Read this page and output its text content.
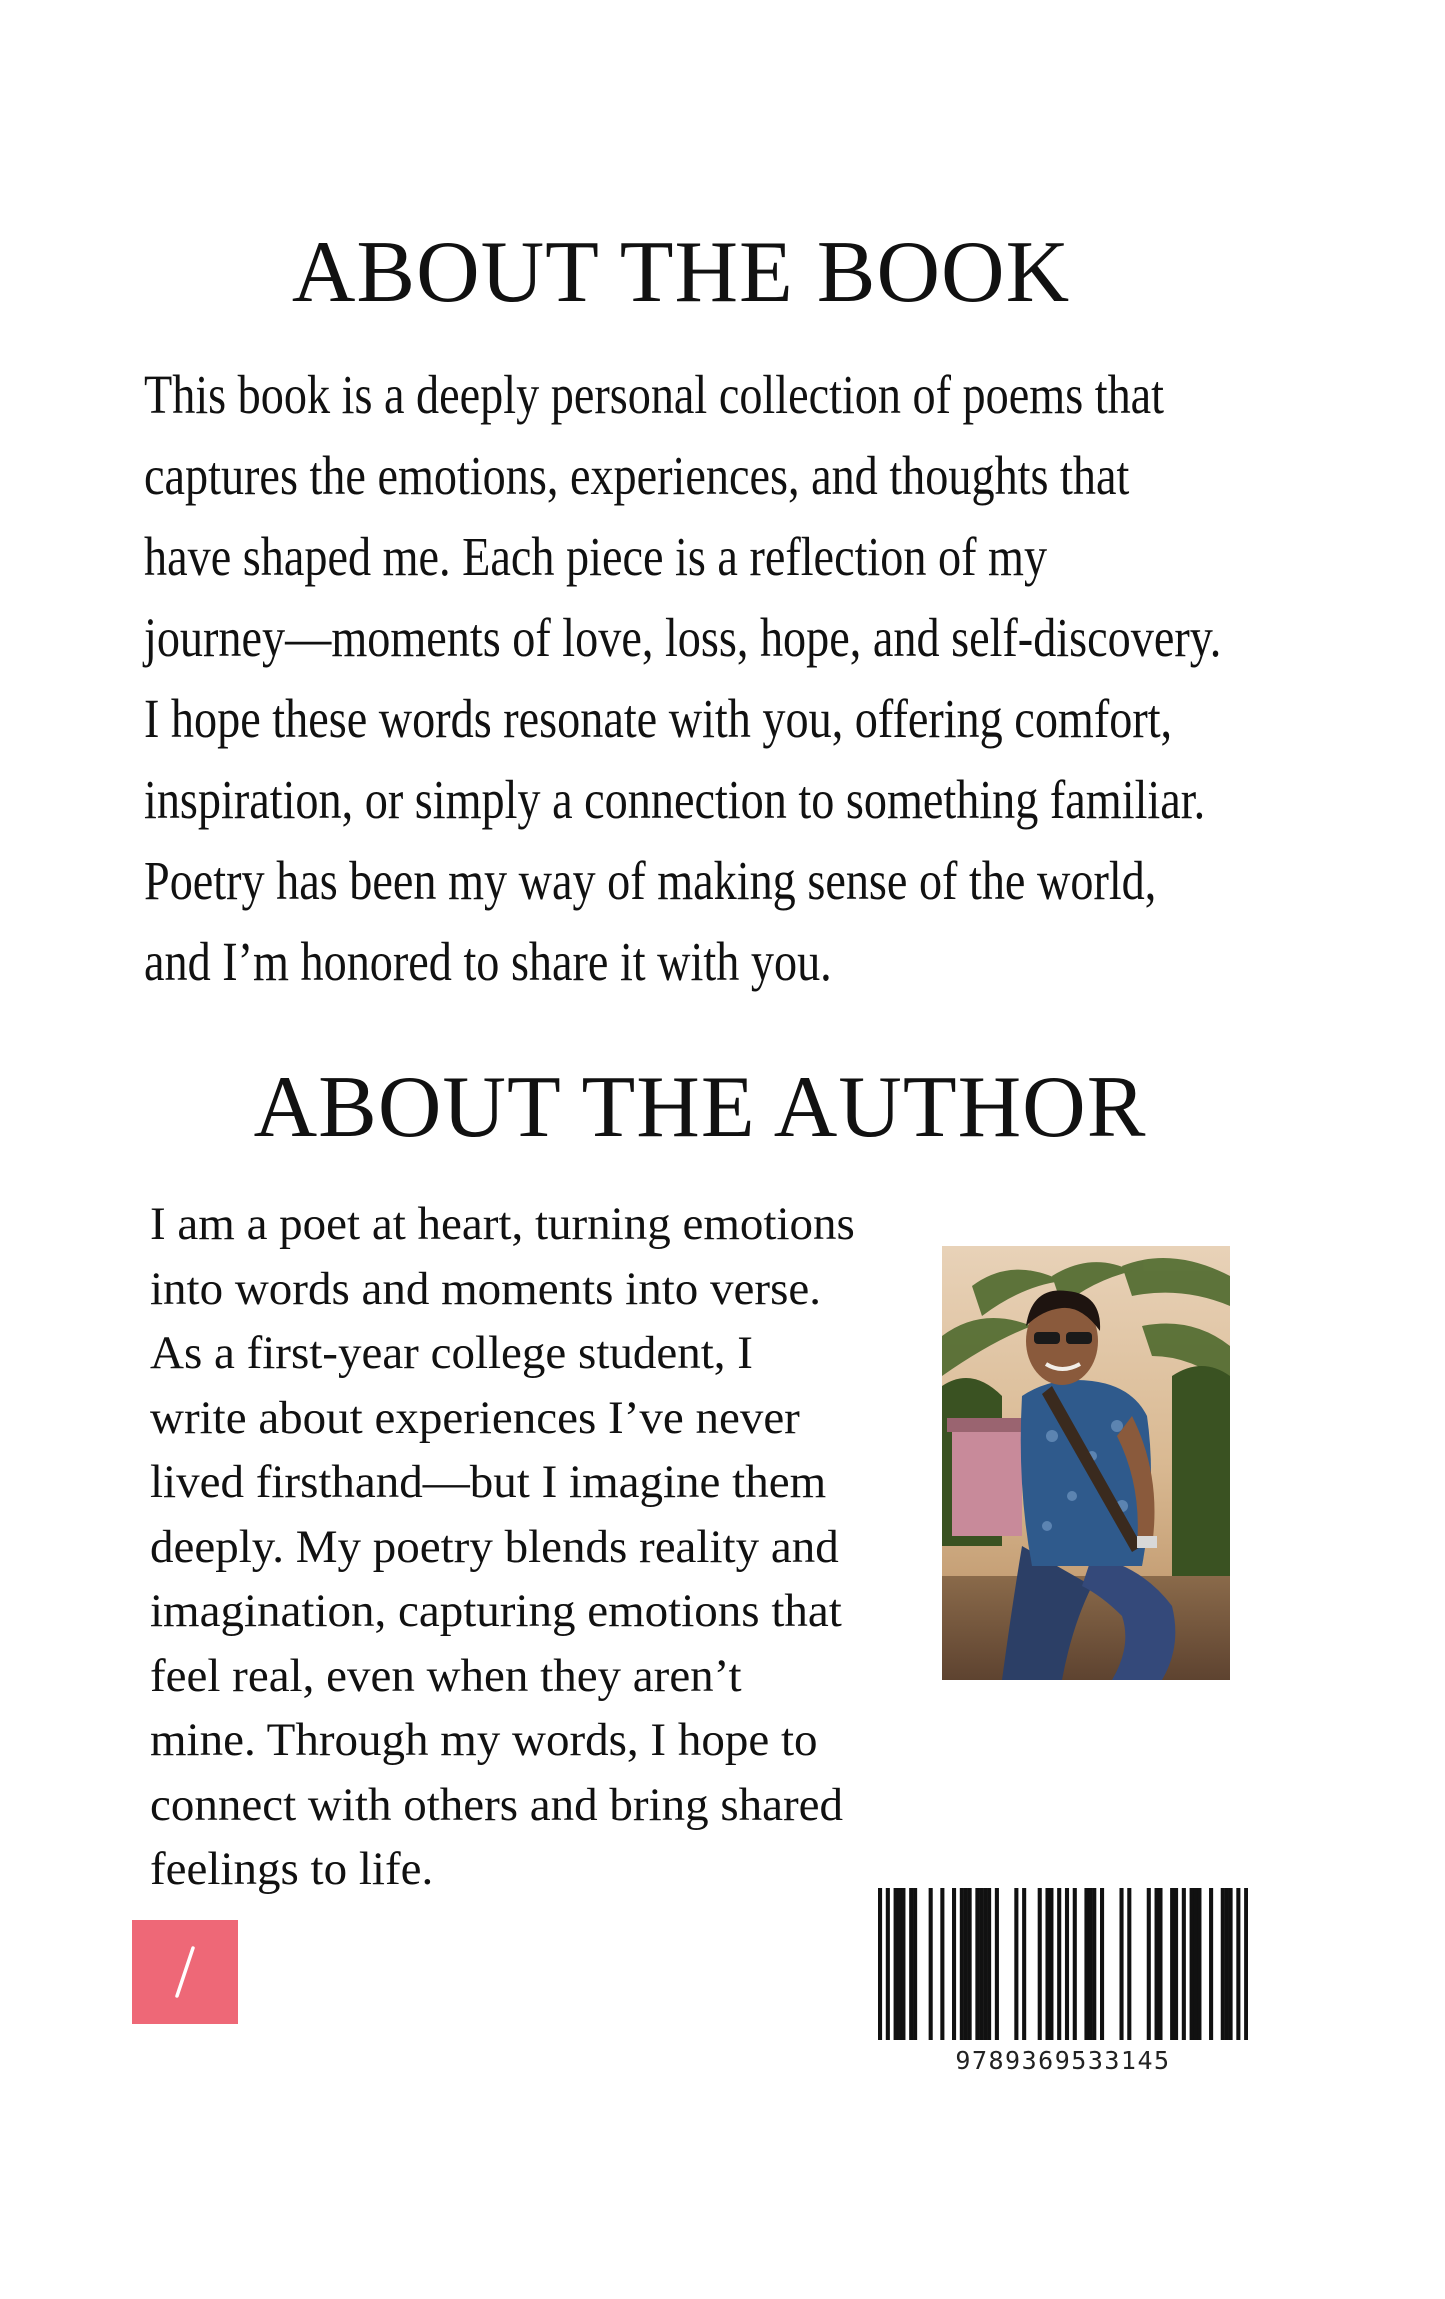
ABOUT THE BOOK
This book is a deeply personal collection of poems that
captures the emotions, experiences, and thoughts that
have shaped me. Each piece is a reflection of my
journey—moments of love, loss, hope, and self-discovery.
I hope these words resonate with you, offering comfort,
inspiration, or simply a connection to something familiar.
Poetry has been my way of making sense of the world,
and I’m honored to share it with you.
ABOUT THE AUTHOR
I am a poet at heart, turning emotions
into words and moments into verse.
As a first-year college student, I
write about experiences I’ve never
lived firsthand—but I imagine them
deeply. My poetry blends reality and
imagination, capturing emotions that
feel real, even when they aren’t
mine. Through my words, I hope to
connect with others and bring shared
feelings to life.
9789369533145
